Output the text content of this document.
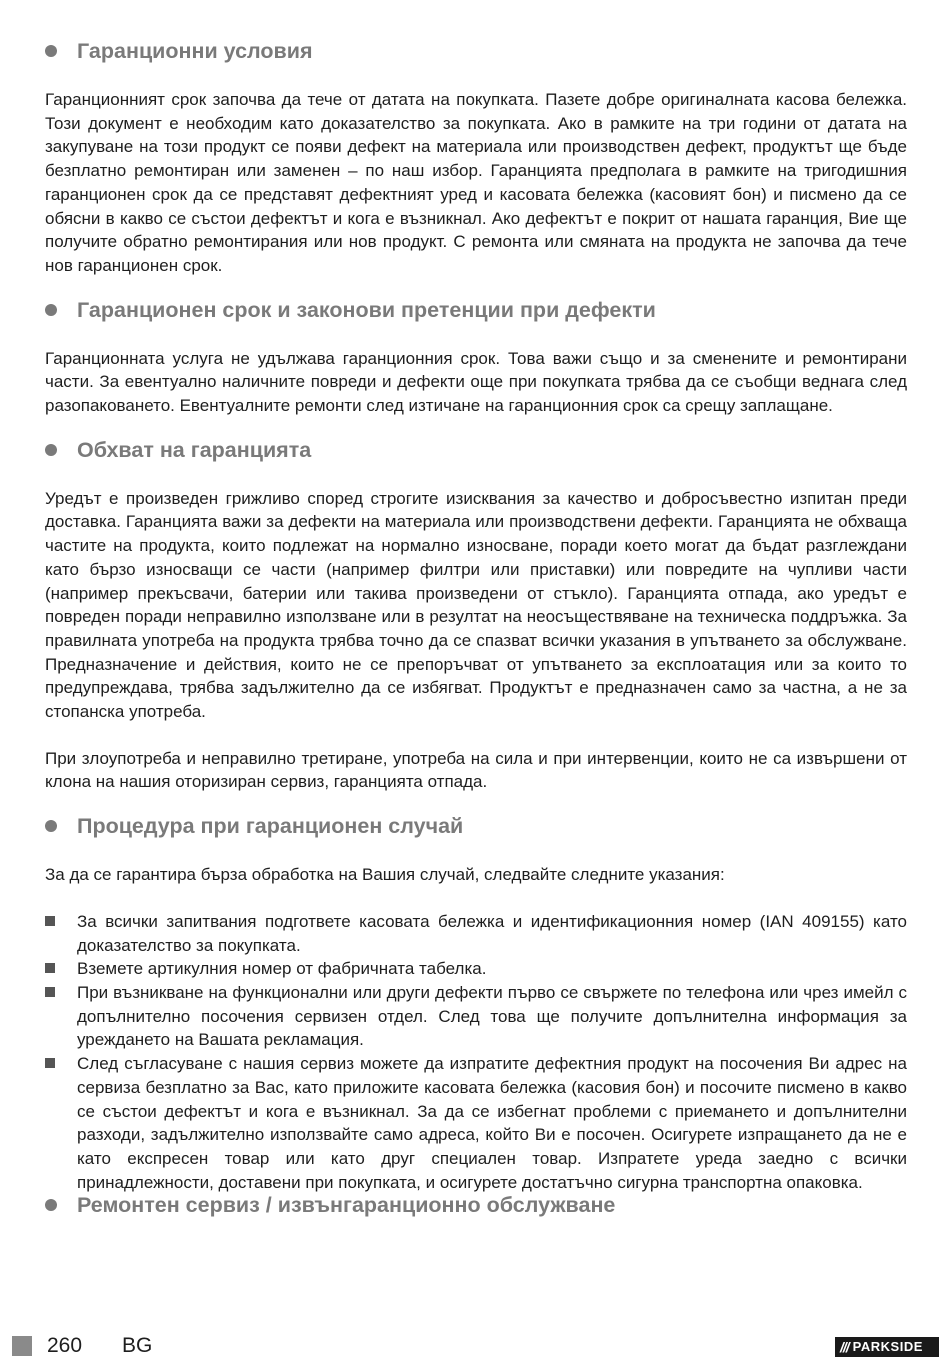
Гаранционни условия

Гаранционният срок започва да тече от датата на покупката. Пазете добре оригиналната касова бележка. Този документ е необходим като доказателство за покупката. Ако в рамките на три години от датата на закупуване на този продукт се появи дефект на материала или производствен дефект, продуктът ще бъде безплатно ремонтиран или заменен – по наш избор. Гаранцията предполага в рамките на тригодишния гаранционен срок да се представят дефектният уред и касовата бележка (касовият бон) и писмено да се обясни в какво се състои дефектът и кога е възникнал. Ако дефектът е покрит от нашата гаранция, Вие ще получите обратно ремонтирания или нов продукт. С ремонта или смяната на продукта не започва да тече нов гаранционен срок.

Гаранционен срок и законови претенции при дефекти

Гаранционната услуга не удължава гаранционния срок. Това важи също и за сменените и ремонтирани части. За евентуално наличните повреди и дефекти още при покупката трябва да се съобщи веднага след разопаковането. Евентуалните ремонти след изтичане на гаранционния срок са срещу заплащане.

Обхват на гаранцията

Уредът е произведен грижливо според строгите изисквания за качество и добросъвестно изпитан преди доставка. Гаранцията важи за дефекти на материала или производствени дефекти. Гаранцията не обхваща частите на продукта, които подлежат на нормално износване, поради което могат да бъдат разглеждани като бързо износващи се части (например филтри или приставки) или повредите на чупливи части (например прекъсвачи, батерии или такива произведени от стъкло). Гаранцията отпада, ако уредът е повреден поради неправилно използване или в резултат на неосъществяване на техническа поддръжка. За правилната употреба на продукта трябва точно да се спазват всички указания в упътването за обслужване. Предназначение и действия, които не се препоръчват от упътването за експлоатация или за които то предупреждава, трябва задължително да се избягват. Продуктът е предназначен само за частна, а не за стопанска употреба.

При злоупотреба и неправилно третиране, употреба на сила и при интервенции, които не са извършени от клона на нашия оторизиран сервиз, гаранцията отпада.

Процедура при гаранционен случай

За да се гарантира бърза обработка на Вашия случай, следвайте следните указания:

За всички запитвания подгответе касовата бележка и идентификационния номер (IAN 409155) като доказателство за покупката.
Вземете артикулния номер от фабричната табелка.
При възникване на функционални или други дефекти първо се свържете по телефона или чрез имейл с допълнително посочения сервизен отдел. След това ще получите допълнителна информация за уреждането на Вашата рекламация.
След съгласуване с нашия сервиз можете да изпратите дефектния продукт на посочения Ви адрес на сервиза безплатно за Вас, като приложите касовата бележка (касовия бон) и посочите писмено в какво се състои дефектът и кога е възникнал. За да се избегнат проблеми с приемането и допълнителни разходи, задължително използвайте само адреса, който Ви е посочен. Осигурете изпращането да не е като експресен товар или като друг специален товар. Изпратете уреда заедно с всички принадлежности, доставени при покупката, и осигурете достатъчно сигурна транспортна опаковка.
Ремонтен сервиз / извънгаранционно обслужване
260 BG	/// PARKSIDE
